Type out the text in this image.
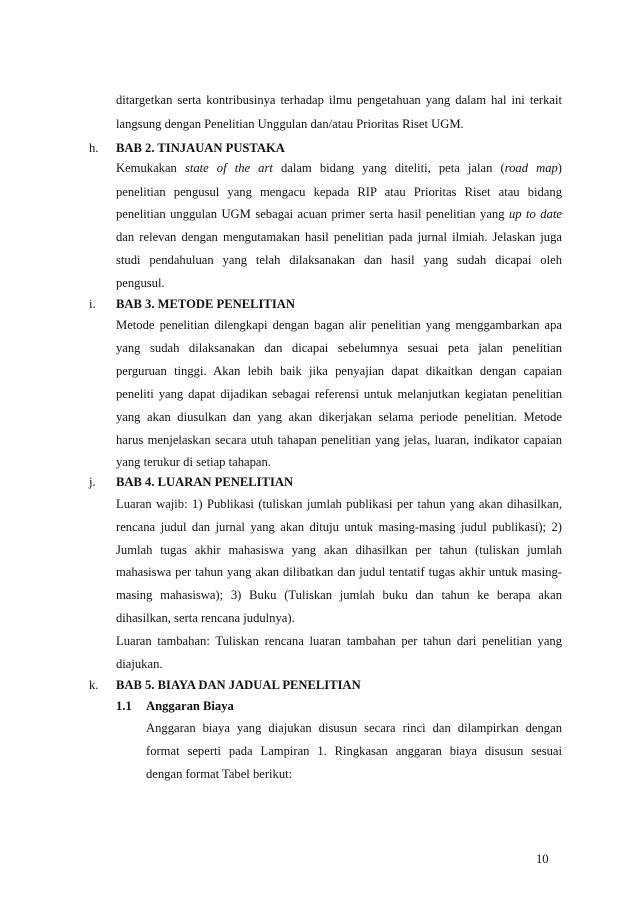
ditargetkan serta kontribusinya terhadap ilmu pengetahuan yang dalam hal ini terkait
langsung dengan Penelitian Unggulan dan/atau Prioritas Riset UGM.
h. BAB 2. TINJAUAN PUSTAKA
Kemukakan state of the art dalam bidang yang diteliti, peta jalan (road map)
penelitian pengusul yang mengacu kepada RIP atau Prioritas Riset atau bidang
penelitian unggulan UGM sebagai acuan primer serta hasil penelitian yang up to date
dan relevan dengan mengutamakan hasil penelitian pada jurnal ilmiah. Jelaskan juga
studi pendahuluan yang telah dilaksanakan dan hasil yang sudah dicapai oleh
pengusul.
i. BAB 3. METODE PENELITIAN
Metode penelitian dilengkapi dengan bagan alir penelitian yang menggambarkan apa
yang sudah dilaksanakan dan dicapai sebelumnya sesuai peta jalan penelitian
perguruan tinggi. Akan lebih baik jika penyajian dapat dikaitkan dengan capaian
peneliti yang dapat dijadikan sebagai referensi untuk melanjutkan kegiatan penelitian
yang akan diusulkan dan yang akan dikerjakan selama periode penelitian. Metode
harus menjelaskan secara utuh tahapan penelitian yang jelas, luaran, indikator capaian
yang terukur di setiap tahapan.
j. BAB 4. LUARAN PENELITIAN
Luaran wajib: 1) Publikasi (tuliskan jumlah publikasi per tahun yang akan dihasilkan,
rencana judul dan jurnal yang akan dituju untuk masing-masing judul publikasi); 2)
Jumlah tugas akhir mahasiswa yang akan dihasilkan per tahun (tuliskan jumlah
mahasiswa per tahun yang akan dilibatkan dan judul tentatif tugas akhir untuk masing-
masing mahasiswa); 3) Buku (Tuliskan jumlah buku dan tahun ke berapa akan
dihasilkan, serta rencana judulnya).
Luaran tambahan: Tuliskan rencana luaran tambahan per tahun dari penelitian yang
diajukan.
k. BAB 5. BIAYA DAN JADUAL PENELITIAN
1.1 Anggaran Biaya
Anggaran biaya yang diajukan disusun secara rinci dan dilampirkan dengan
format seperti pada Lampiran 1. Ringkasan anggaran biaya disusun sesuai
dengan format Tabel berikut:
10
